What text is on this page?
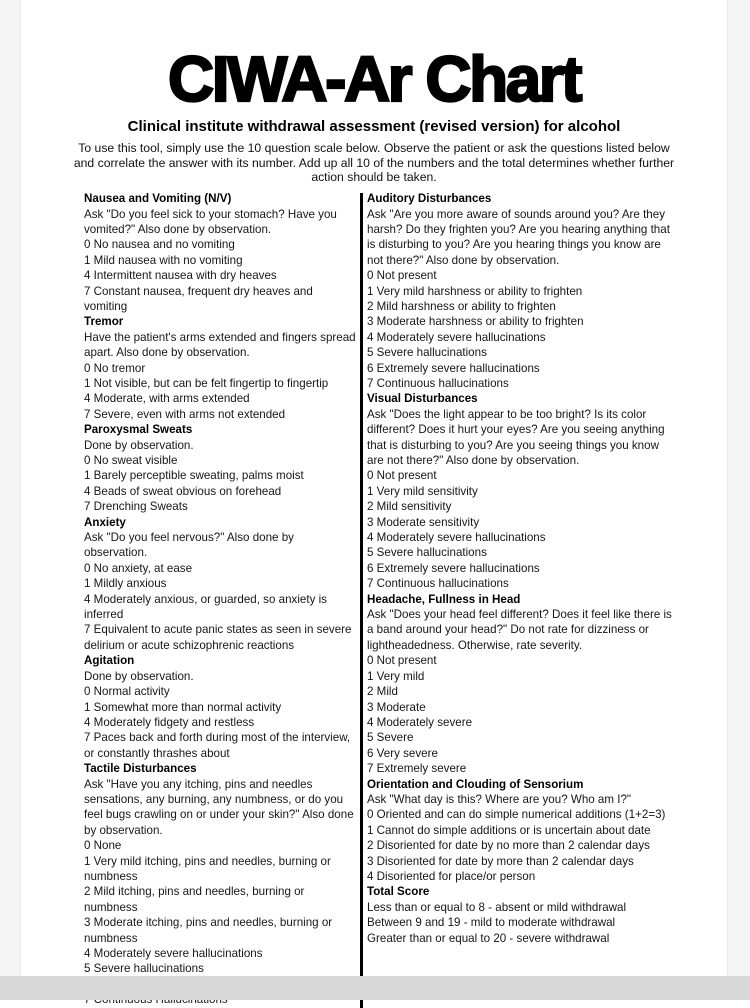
CIWA-Ar Chart
Clinical institute withdrawal assessment (revised version) for alcohol

To use this tool, simply use the 10 question scale below. Observe the patient or ask the questions listed below and correlate the answer with its number. Add up all 10 of the numbers and the total determines whether further action should be taken.

Nausea and Vomiting (N/V)
Ask "Do you feel sick to your stomach? Have you vomited?" Also done by observation.
0 No nausea and no vomiting
1 Mild nausea with no vomiting
4 Intermittent nausea with dry heaves
7 Constant nausea, frequent dry heaves and vomiting
Tremor
Have the patient's arms extended and fingers spread apart. Also done by observation.
0 No tremor
1 Not visible, but can be felt fingertip to fingertip
4 Moderate, with arms extended
7 Severe, even with arms not extended
Paroxysmal Sweats
Done by observation.
0 No sweat visible
1 Barely perceptible sweating, palms moist
4 Beads of sweat obvious on forehead
7 Drenching Sweats
Anxiety
Ask "Do you feel nervous?" Also done by observation.
0 No anxiety, at ease
1 Mildly anxious
4 Moderately anxious, or guarded, so anxiety is inferred
7 Equivalent to acute panic states as seen in severe delirium or acute schizophrenic reactions
Agitation
Done by observation.
0 Normal activity
1 Somewhat more than normal activity
4 Moderately fidgety and restless
7 Paces back and forth during most of the interview, or constantly thrashes about
Tactile Disturbances
Ask "Have you any itching, pins and needles sensations, any burning, any numbness, or do you feel bugs crawling on or under your skin?" Also done by observation.
0 None
1 Very mild itching, pins and needles, burning or numbness
2 Mild itching, pins and needles, burning or numbness
3 Moderate itching, pins and needles, burning or numbness
4 Moderately severe hallucinations
5 Severe hallucinations
Auditory Disturbances
Ask "Are you more aware of sounds around you? Are they harsh? Do they frighten you? Are you hearing anything that is disturbing to you? Are you hearing things you know are not there?" Also done by observation.
0 Not present
1 Very mild harshness or ability to frighten
2 Mild harshness or ability to frighten
3 Moderate harshness or ability to frighten
4 Moderately severe hallucinations
5 Severe hallucinations
6 Extremely severe hallucinations
7 Continuous hallucinations
Visual Disturbances
Ask "Does the light appear to be too bright? Is its color different? Does it hurt your eyes? Are you seeing anything that is disturbing to you? Are you seeing things you know are not there?" Also done by observation.
0 Not present
1 Very mild sensitivity
2 Mild sensitivity
3 Moderate sensitivity
4 Moderately severe hallucinations
5 Severe hallucinations
6 Extremely severe hallucinations
7 Continuous hallucinations
Headache, Fullness in Head
Ask "Does your head feel different? Does it feel like there is a band around your head?" Do not rate for dizziness or lightheadedness. Otherwise, rate severity.
0 Not present
1 Very mild
2 Mild
3 Moderate
4 Moderately severe
5 Severe
6 Very severe
7 Extremely severe
Orientation and Clouding of Sensorium
Ask "What day is this? Where are you? Who am I?"
0 Oriented and can do simple numerical additions (1+2=3)
1 Cannot do simple additions or is uncertain about date
2 Disoriented for date by no more than 2 calendar days
3 Disoriented for date by more than 2 calendar days
4 Disoriented for place/or person
Total Score
Less than or equal to 8 - absent or mild withdrawal
Between 9 and 19 - mild to moderate withdrawal
Greater than or equal to 20 - severe withdrawal
